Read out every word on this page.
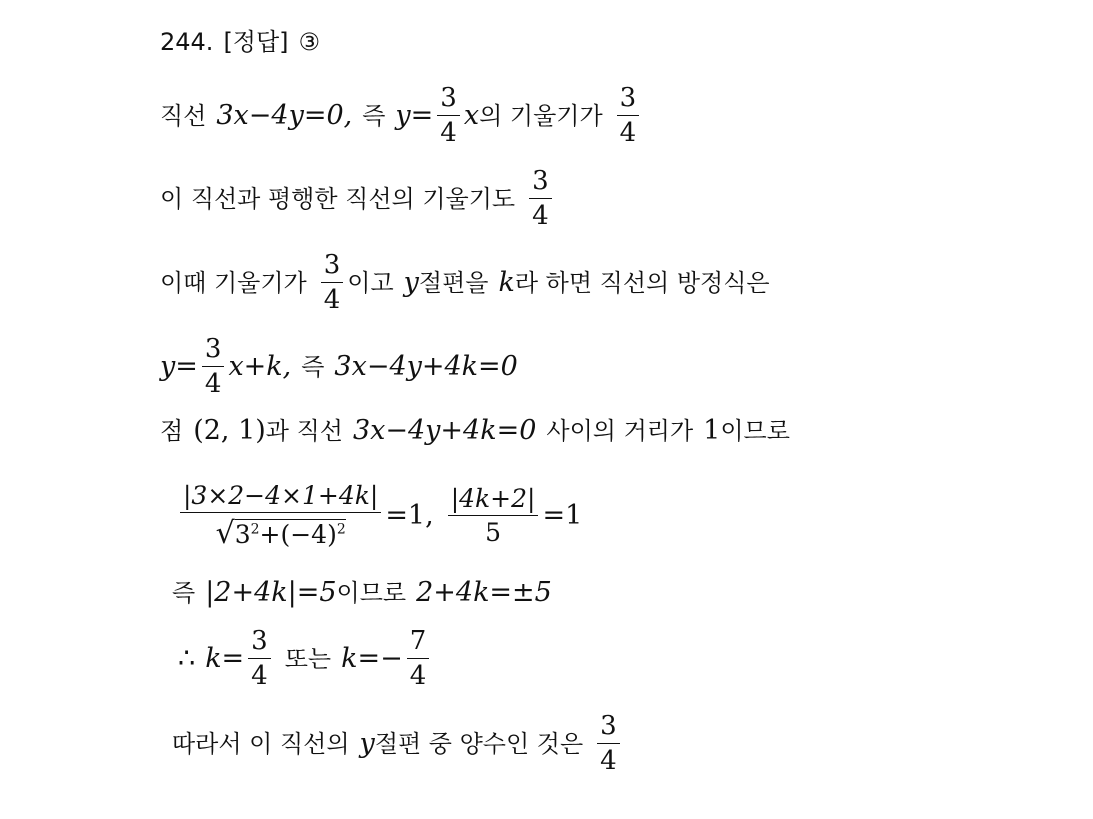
244. [정답] ③
직선 3x−4y=0, 즉 $y= \frac{3}{4}$ x 의 기울기가 $\frac{3}{4}$
이 직선과 평행한 직선의 기울기도 $\frac{3}{4}$
이때 기울기가 $\frac{3}{4}$ 이고 y 절편을 k 라 하면 직선의 방정식은
$y= \frac{3}{4} x+k$, 즉 3x−4y+4k=0
점 (2, 1) 과 직선 3x−4y+4k=0 사이의 거리가 1 이므로
$\frac{|3\times 2-4\times 1+4k|}{√ 3^2+(-4)^2} =1$, $\frac{|4k+2|}{5} =1$
즉 |2+4k|=5 이므로 2+4k=±5
∴ $k= \frac{3}{4}$ 또는 $k=- \frac{7}{4}$
따라서 이 직선의 y 절편 중 양수인 것은 $\frac{3}{4}$
